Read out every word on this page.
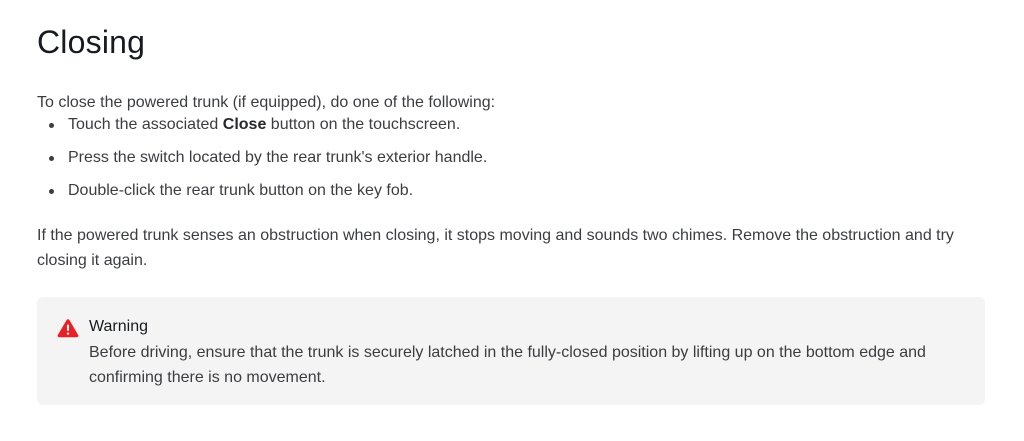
Closing
To close the powered trunk (if equipped), do one of the following:
Touch the associated Close button on the touchscreen.
Press the switch located by the rear trunk's exterior handle.
Double-click the rear trunk button on the key fob.
If the powered trunk senses an obstruction when closing, it stops moving and sounds two chimes. Remove the obstruction and try closing it again.
Warning
Before driving, ensure that the trunk is securely latched in the fully-closed position by lifting up on the bottom edge and confirming there is no movement.
